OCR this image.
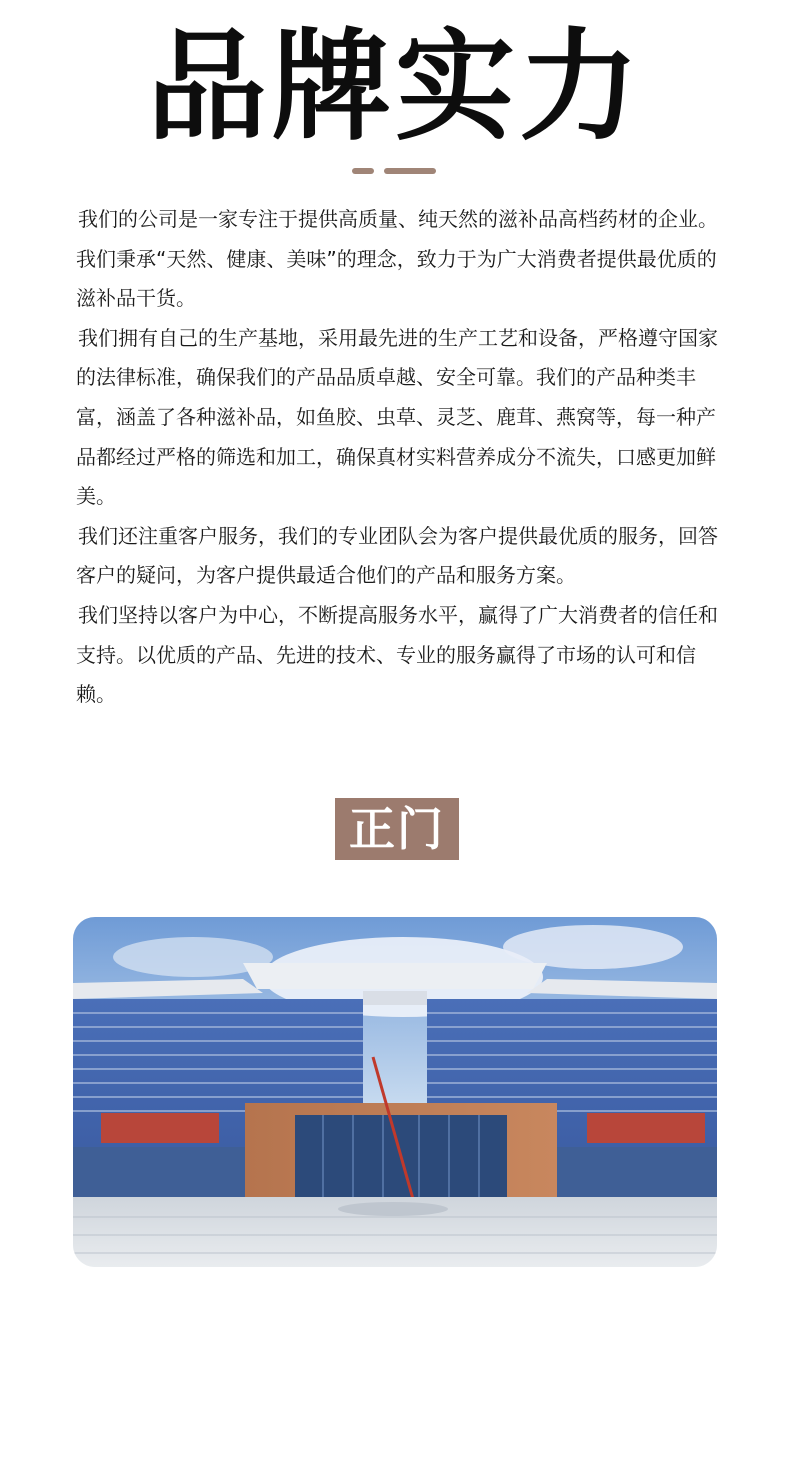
品牌实力

我们的公司是一家专注于提供高质量、纯天然的滋补品高档药材的企业。我们秉承“天然、健康、美味”的理念，致力于为广大消费者提供最优质的滋补品干货。

我们拥有自己的生产基地，采用最先进的生产工艺和设备，严格遵守国家的法律标准，确保我们的产品品质卓越、安全可靠。我们的产品种类丰富，涵盖了各种滋补品，如鱼胶、虫草、灵芝、鹿茸、燕窝等，每一种产品都经过严格的筛选和加工，确保真材实料营养成分不流失，口感更加鲜美。

我们还注重客户服务，我们的专业团队会为客户提供最优质的服务，回答客户的疑问，为客户提供最适合他们的产品和服务方案。

我们坚持以客户为中心，不断提高服务水平，赢得了广大消费者的信任和支持。以优质的产品、先进的技术、专业的服务赢得了市场的认可和信赖。

正门
